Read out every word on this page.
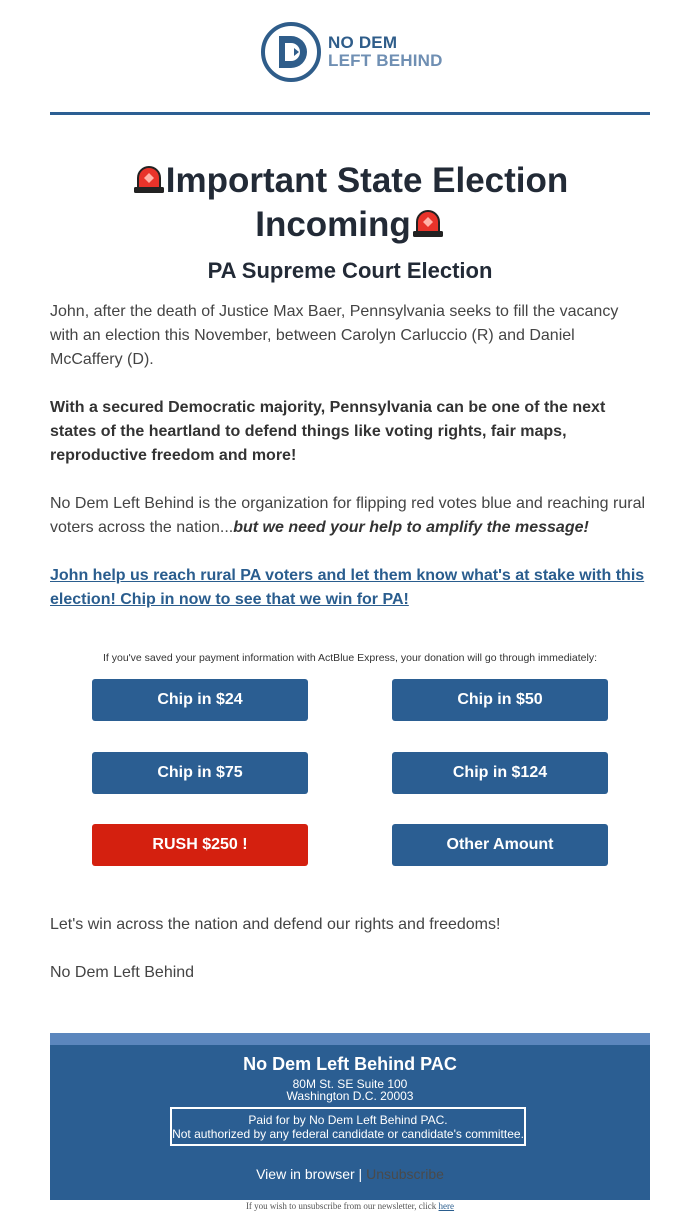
NO DEM
LEFT BEHIND
Important State Election
Incoming
PA Supreme Court Election
John, after the death of Justice Max Baer, Pennsylvania seeks to fill the vacancy with an election this November, between Carolyn Carluccio (R) and Daniel McCaffery (D).
With a secured Democratic majority, Pennsylvania can be one of the next states of the heartland to defend things like voting rights, fair maps, reproductive freedom and more!
No Dem Left Behind is the organization for flipping red votes blue and reaching rural voters across the nation...but we need your help to amplify the message!
John help us reach rural PA voters and let them know what's at stake with this election! Chip in now to see that we win for PA!
If you've saved your payment information with ActBlue Express, your donation will go through immediately:
Chip in $24	Chip in $50
Chip in $75	Chip in $124
RUSH $250 !	Other Amount
Let's win across the nation and defend our rights and freedoms!
No Dem Left Behind
No Dem Left Behind PAC
80M St. SE Suite 100
Washington D.C. 20003
Paid for by No Dem Left Behind PAC.
Not authorized by any federal candidate or candidate's committee.
View in browser | Unsubscribe
If you wish to unsubscribe from our newsletter, click here
